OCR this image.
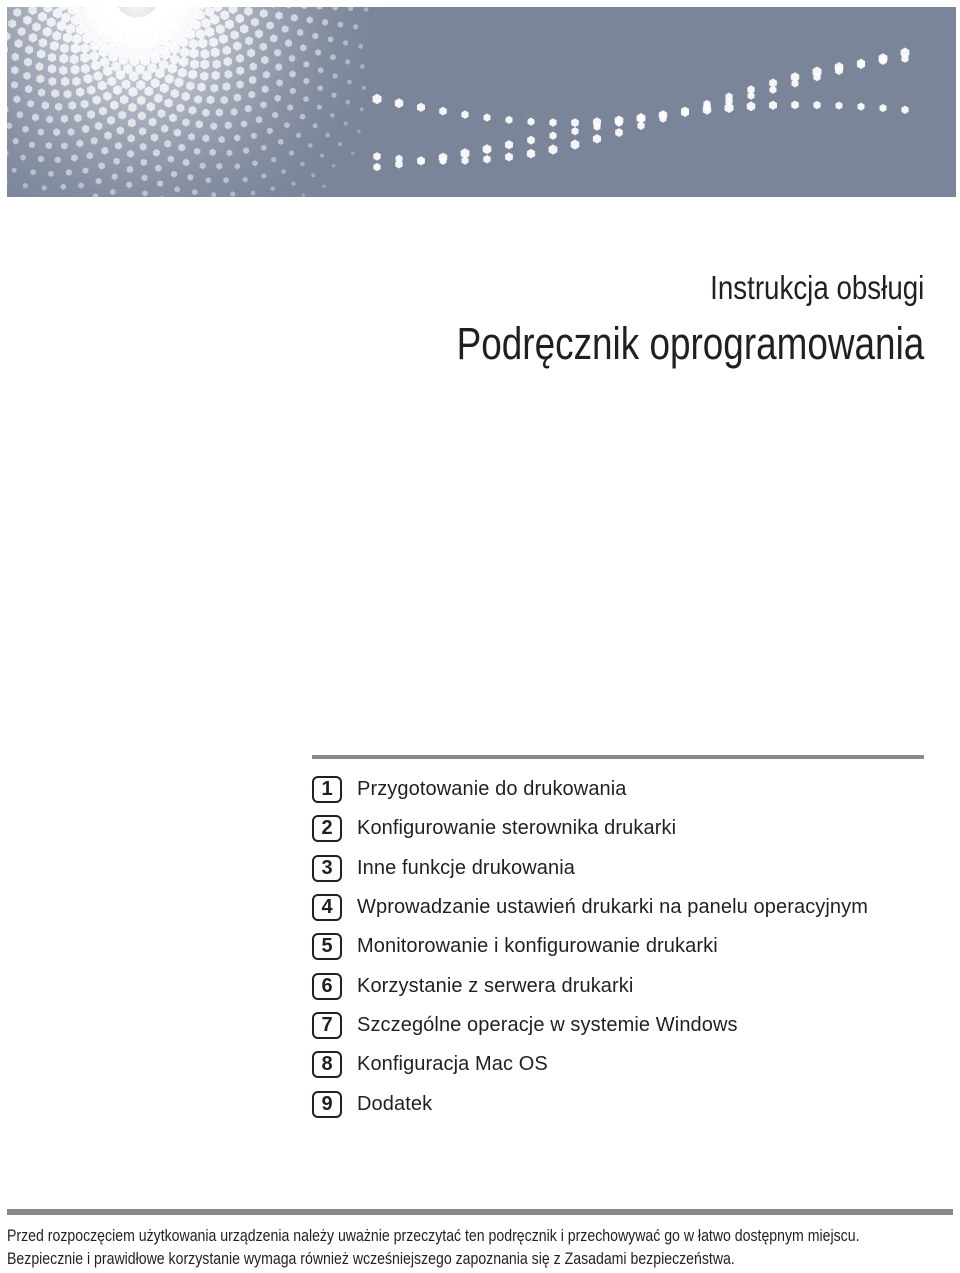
Instrukcja obsługi
Podręcznik oprogramowania
1	Przygotowanie do drukowania
2	Konfigurowanie sterownika drukarki
3	Inne funkcje drukowania
4	Wprowadzanie ustawień drukarki na panelu operacyjnym
5	Monitorowanie i konfigurowanie drukarki
6	Korzystanie z serwera drukarki
7	Szczególne operacje w systemie Windows
8	Konfiguracja Mac OS
9	Dodatek
Przed rozpoczęciem użytkowania urządzenia należy uważnie przeczytać ten podręcznik i przechowywać go w łatwo dostępnym miejscu.
Bezpiecznie i prawidłowe korzystanie wymaga również wcześniejszego zapoznania się z Zasadami bezpieczeństwa.
